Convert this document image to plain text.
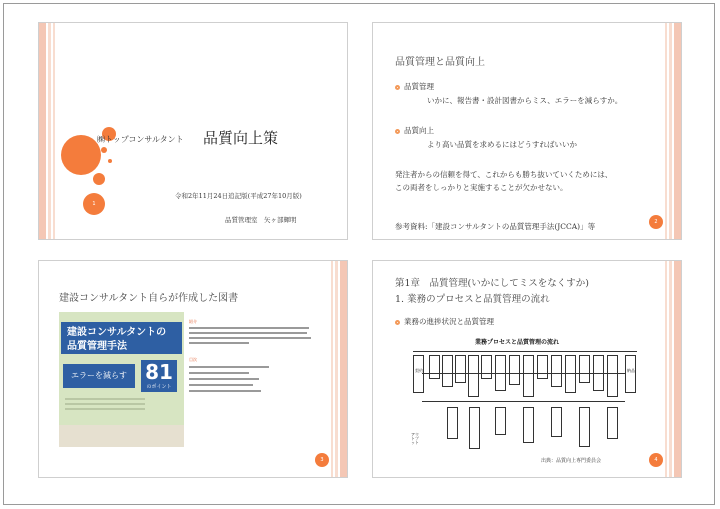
1
㈱トップコンサルタント 品質向上策
令和2年11月24日追記版(平成27年10月版)
品質管理室　矢ヶ部輝明
品質管理と品質向上
品質管理
いかに、報告書・設計図書からミス、エラーを減らすか。
品質向上
より高い品質を求めるにはどうすればいいか
発注者からの信頼を得て、これからも勝ち抜いていくためには、
この両者をしっかりと実施することが欠かせない。
参考資料:「建設コンサルタントの品質管理手法(JCCA)」等	2
建設コンサルタント自らが作成した図書
建設コンサルタントの
品質管理手法
エラーを減らす 81
のポイント
紹介
目次
3
第1章　品質管理(いかにしてミスをなくすか)
1. 業務のプロセスと品質管理の流れ
業務の進捗状況と品質管理
業務プロセスと品質管理の流れ
契約	納品
アウトプット
出典：品質向上専門委員会	4
